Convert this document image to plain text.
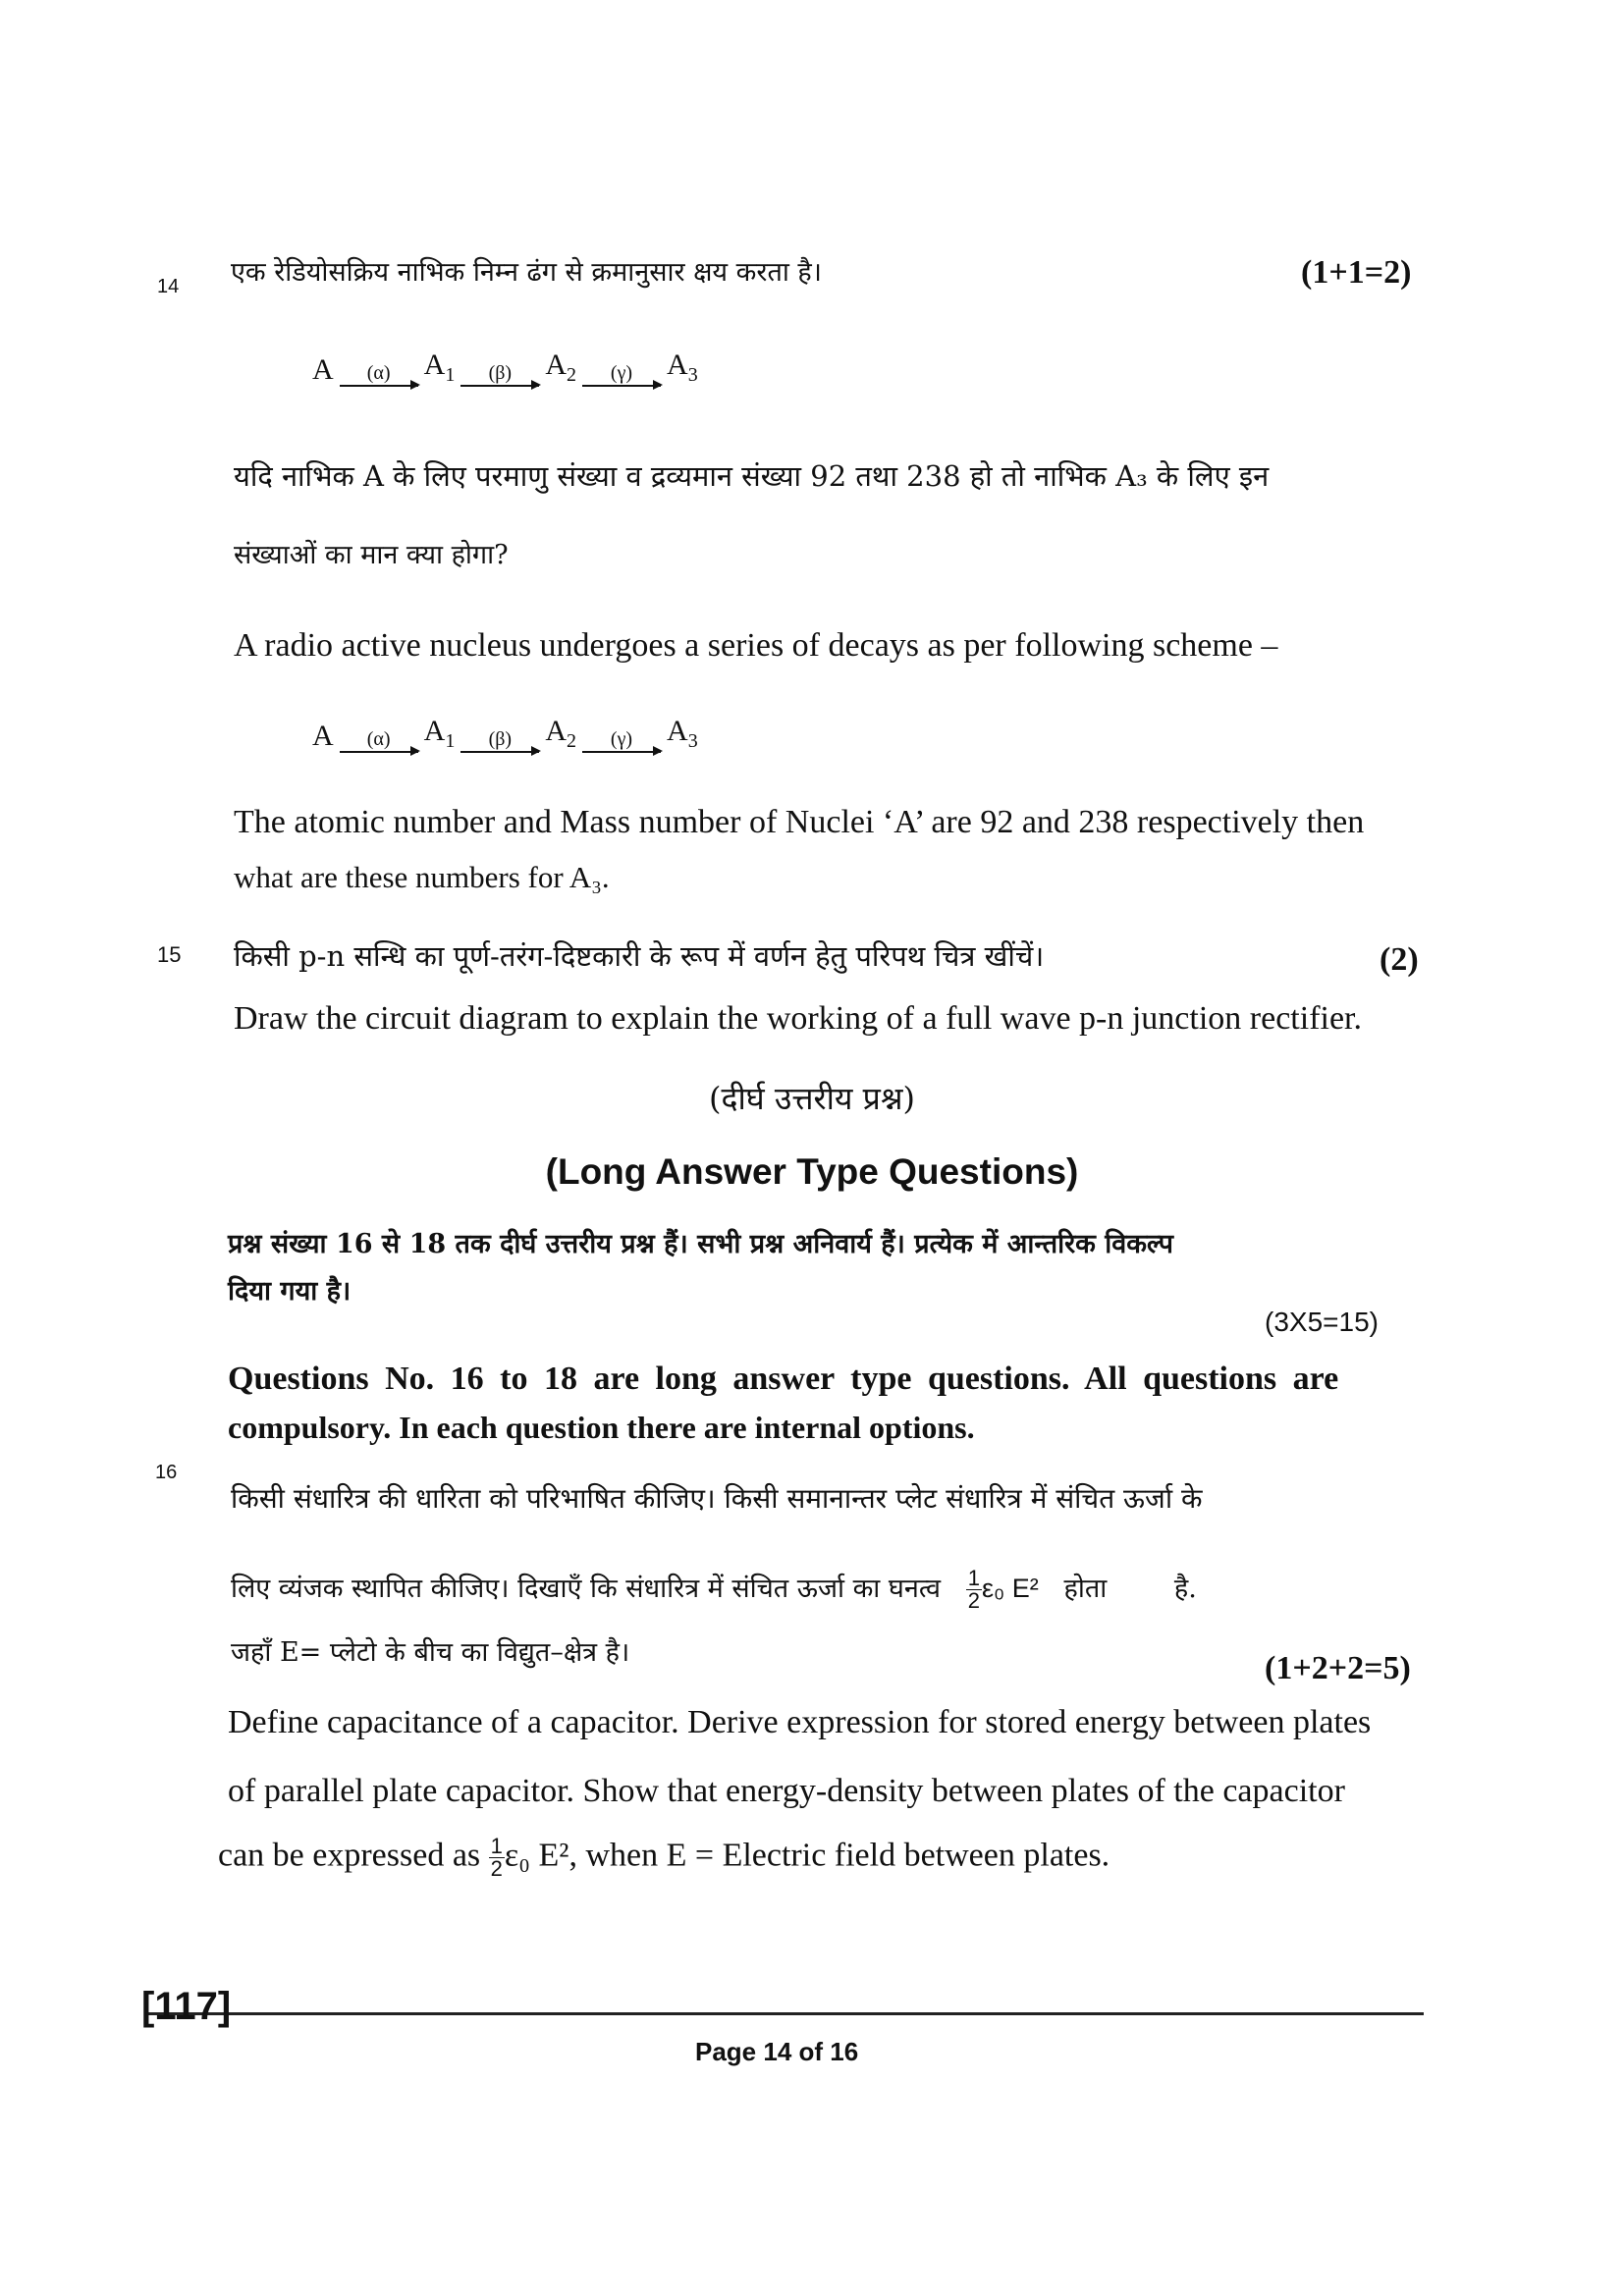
14 एक रेडियोसक्रिय नाभिक निम्न ढंग से क्रमानुसार क्षय करता है।	(1+1=2)
A (α) $A_1$ (β) $A_2$ (γ) $A_3$
यदि नाभिक A के लिए परमाणु संख्या व द्रव्यमान संख्या 92 तथा 238 हो तो नाभिक A₃ के लिए इन
संख्याओं का मान क्या होगा?
A radio active nucleus undergoes a series of decays as per following scheme –
A (α) $A_1$ (β) $A_2$ (γ) $A_3$
The atomic number and Mass number of Nuclei ‘A’ are 92 and 238 respectively then
what are these numbers for A₃.
15 किसी p-n सन्धि का पूर्ण-तरंग-दिष्टकारी के रूप में वर्णन हेतु परिपथ चित्र खींचें।	(2)
Draw the circuit diagram to explain the working of a full wave p-n junction rectifier.
(दीर्घ उत्तरीय प्रश्न)
(Long Answer Type Questions)
प्रश्न संख्या 16 से 18 तक दीर्घ उत्तरीय प्रश्न हैं। सभी प्रश्न अनिवार्य हैं। प्रत्येक में आन्तरिक विकल्प
दिया गया है।
(3X5=15)
Questions No. 16 to 18 are long answer type questions. All questions are
compulsory. In each question there are internal options.
16
किसी संधारित्र की धारिता को परिभाषित कीजिए। किसी समानान्तर प्लेट संधारित्र में संचित ऊर्जा के
लिए व्यंजक स्थापित कीजिए। दिखाएँ कि संधारित्र में संचित ऊर्जा का घनत्व $\frac{1}{2} \varepsilon_0$ E² होता        है.
जहाँ E= प्लेटो के बीच का विद्युत–क्षेत्र है।	(1+2+2=5)
Define capacitance of a capacitor. Derive expression for stored energy between plates
of parallel plate capacitor. Show that energy-density between plates of the capacitor
can be expressed as $\frac{1}{2} \varepsilon_0$ E², when E = Electric field between plates.
[117]
Page 14 of 16
